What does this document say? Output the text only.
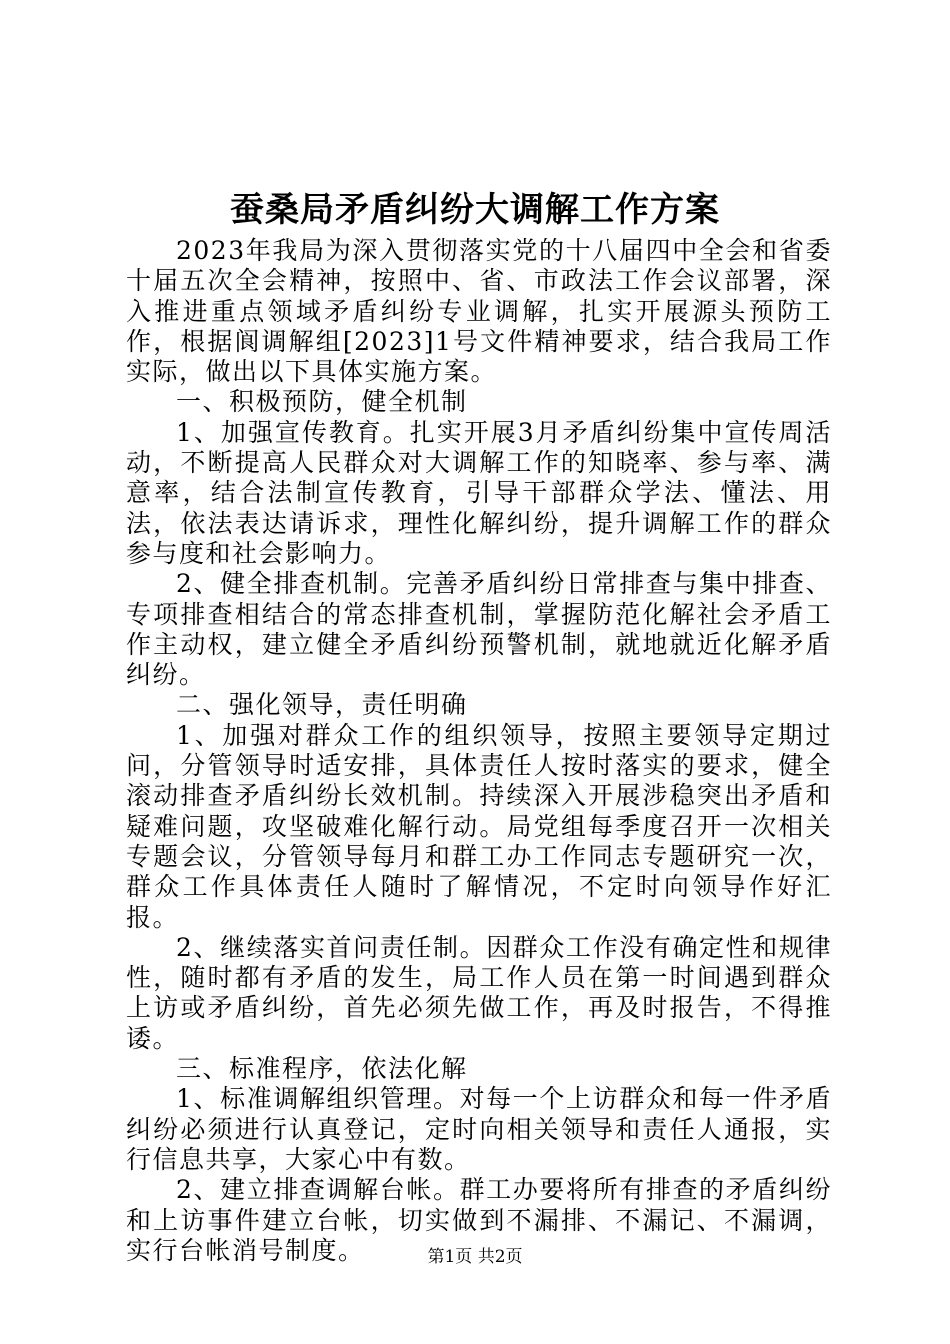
蚕桑局矛盾纠纷大调解工作方案

2023年我局为深入贯彻落实党的十八届四中全会和省委十届五次全会精神，按照中、省、市政法工作会议部署，深入推进重点领域矛盾纠纷专业调解，扎实开展源头预防工作，根据阆调解组[2023]1号文件精神要求，结合我局工作实际，做出以下具体实施方案。

一、积极预防，健全机制

1、加强宣传教育。扎实开展3月矛盾纠纷集中宣传周活动，不断提高人民群众对大调解工作的知晓率、参与率、满意率，结合法制宣传教育，引导干部群众学法、懂法、用法，依法表达请诉求，理性化解纠纷，提升调解工作的群众参与度和社会影响力。

2、健全排查机制。完善矛盾纠纷日常排查与集中排查、专项排查相结合的常态排查机制，掌握防范化解社会矛盾工作主动权，建立健全矛盾纠纷预警机制，就地就近化解矛盾纠纷。

二、强化领导，责任明确

1、加强对群众工作的组织领导，按照主要领导定期过问，分管领导时适安排，具体责任人按时落实的要求，健全滚动排查矛盾纠纷长效机制。持续深入开展涉稳突出矛盾和疑难问题，攻坚破难化解行动。局党组每季度召开一次相关专题会议，分管领导每月和群工办工作同志专题研究一次，群众工作具体责任人随时了解情况，不定时向领导作好汇报。

2、继续落实首问责任制。因群众工作没有确定性和规律性，随时都有矛盾的发生，局工作人员在第一时间遇到群众上访或矛盾纠纷，首先必须先做工作，再及时报告，不得推诿。

三、标准程序，依法化解

1、标准调解组织管理。对每一个上访群众和每一件矛盾纠纷必须进行认真登记，定时向相关领导和责任人通报，实行信息共享，大家心中有数。

2、建立排查调解台帐。群工办要将所有排查的矛盾纠纷和上访事件建立台帐，切实做到不漏排、不漏记、不漏调，实行台帐消号制度。	第1页 共2页
